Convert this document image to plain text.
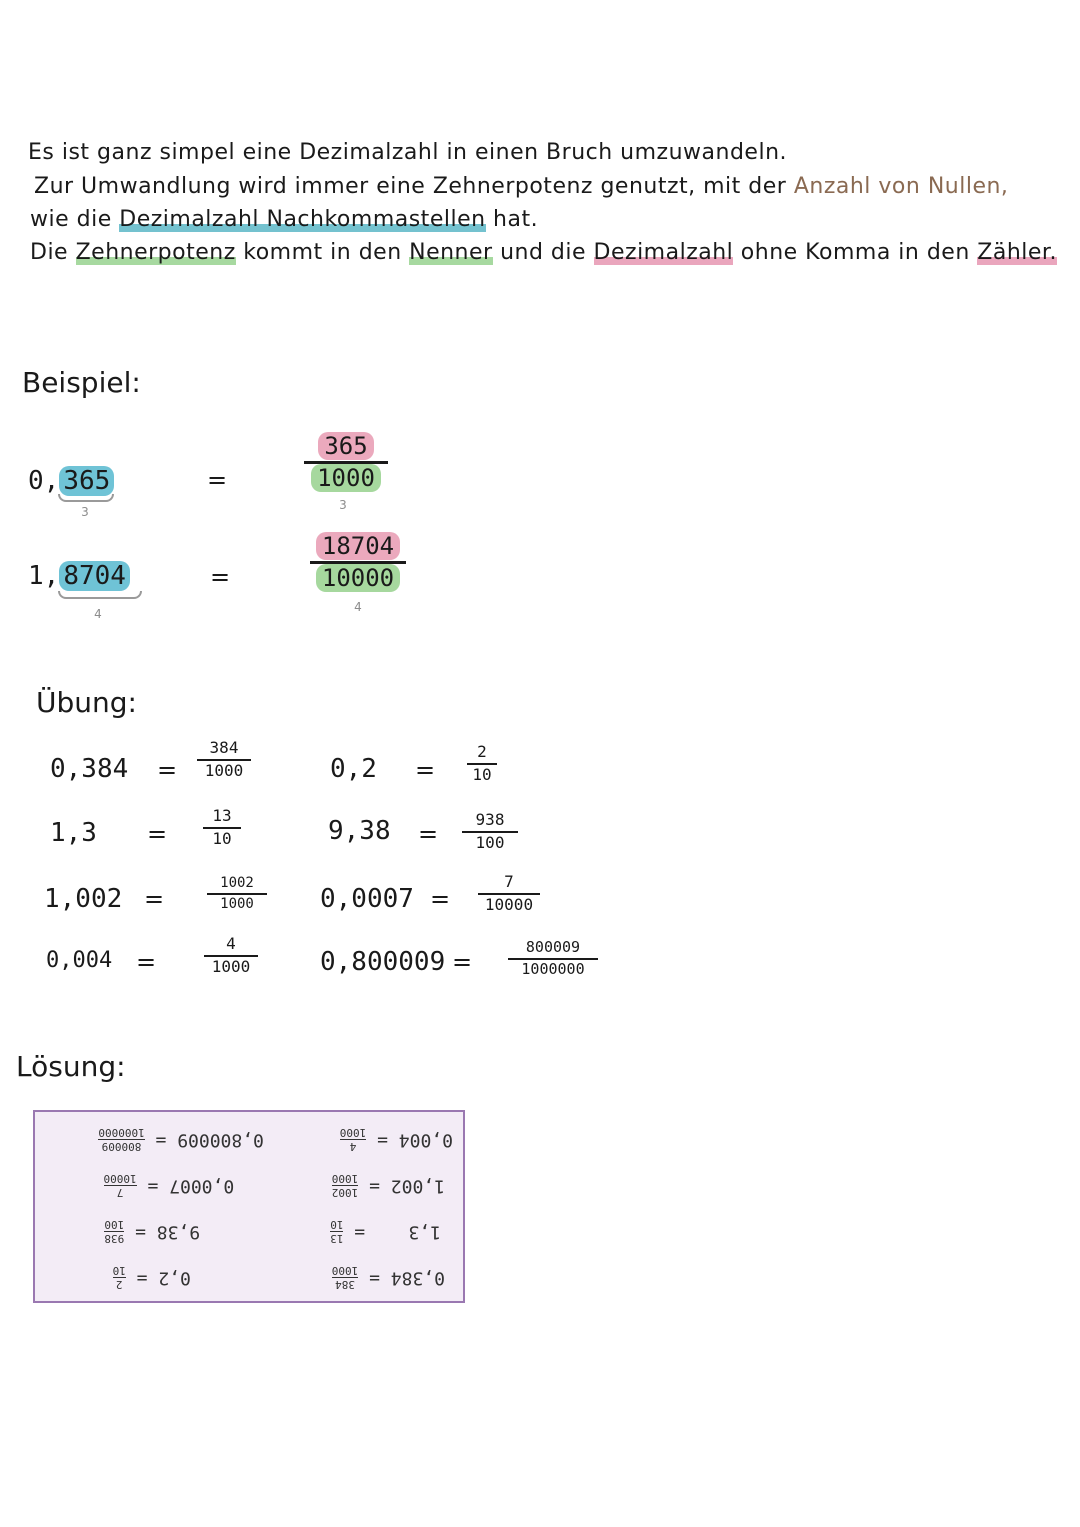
Es ist ganz simpel eine Dezimalzahl in einen Bruch umzuwandeln.
Zur Umwandlung wird immer eine Zehnerpotenz genutzt, mit der Anzahl von Nullen,
wie die Dezimalzahl Nachkommastellen hat.
Die Zehnerpotenz kommt in den Nenner und die Dezimalzahl ohne Komma in den Zähler.
Beispiel:
0, 365
3
=
365
1000
3
1, 8704
4
=
18704
10000
4
Übung:
0,384 =
384
1000
1,3 =
13
10
1,002 =
1002
1000
0,004 =
4
1000
0,2 =
2
10
9,38 =
938
100
0,0007 =
7
10000
0,800009 =
800009
1000000
Lösung:
0,004 = 4
1000       0,800009 = 800009
1000000
1,002 = 1002
1000         0,0007 = 7
10000
1,3    = 13
10            9,38 = 938
100
0,384 = 384
1000             0,2 = 2
10
